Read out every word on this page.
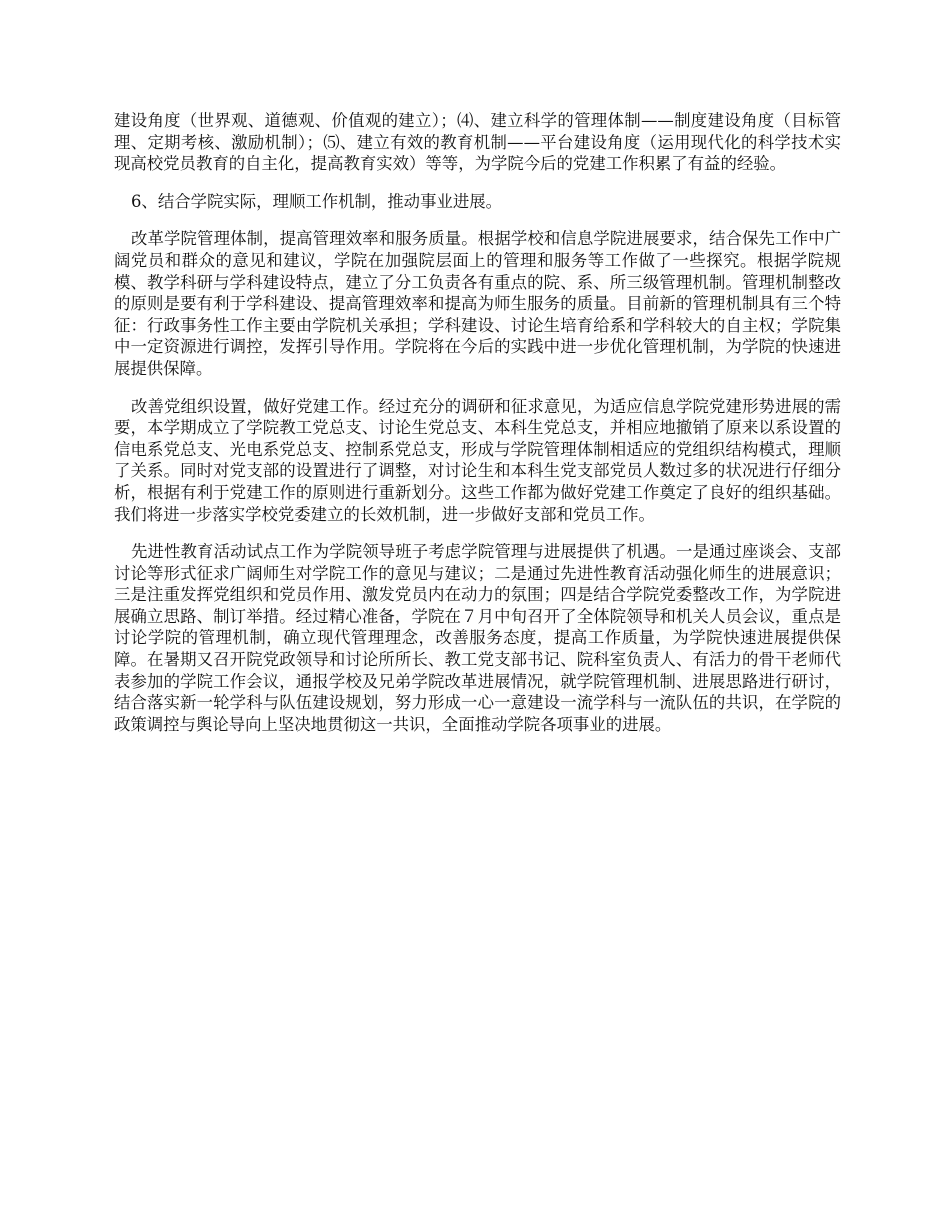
建设角度（世界观、道德观、价值观的建立）；⑷、建立科学的管理体制——制度建设角度（目标管理、定期考核、激励机制）；⑸、建立有效的教育机制——平台建设角度（运用现代化的科学技术实现高校党员教育的自主化，提高教育实效）等等，为学院今后的党建工作积累了有益的经验。

6、结合学院实际，理顺工作机制，推动事业进展。

改革学院管理体制，提高管理效率和服务质量。根据学校和信息学院进展要求，结合保先工作中广阔党员和群众的意见和建议，学院在加强院层面上的管理和服务等工作做了一些探究。根据学院规模、教学科研与学科建设特点，建立了分工负责各有重点的院、系、所三级管理机制。管理机制整改的原则是要有利于学科建设、提高管理效率和提高为师生服务的质量。目前新的管理机制具有三个特征：行政事务性工作主要由学院机关承担；学科建设、讨论生培育给系和学科较大的自主权；学院集中一定资源进行调控，发挥引导作用。学院将在今后的实践中进一步优化管理机制，为学院的快速进展提供保障。

改善党组织设置，做好党建工作。经过充分的调研和征求意见，为适应信息学院党建形势进展的需要，本学期成立了学院教工党总支、讨论生党总支、本科生党总支，并相应地撤销了原来以系设置的信电系党总支、光电系党总支、控制系党总支，形成与学院管理体制相适应的党组织结构模式，理顺了关系。同时对党支部的设置进行了调整，对讨论生和本科生党支部党员人数过多的状况进行仔细分析，根据有利于党建工作的原则进行重新划分。这些工作都为做好党建工作奠定了良好的组织基础。我们将进一步落实学校党委建立的长效机制，进一步做好支部和党员工作。

先进性教育活动试点工作为学院领导班子考虑学院管理与进展提供了机遇。一是通过座谈会、支部讨论等形式征求广阔师生对学院工作的意见与建议；二是通过先进性教育活动强化师生的进展意识；三是注重发挥党组织和党员作用、激发党员内在动力的氛围；四是结合学院党委整改工作，为学院进展确立思路、制订举措。经过精心准备，学院在７月中旬召开了全体院领导和机关人员会议，重点是讨论学院的管理机制，确立现代管理理念，改善服务态度，提高工作质量，为学院快速进展提供保障。在暑期又召开院党政领导和讨论所所长、教工党支部书记、院科室负责人、有活力的骨干老师代表参加的学院工作会议，通报学校及兄弟学院改革进展情况，就学院管理机制、进展思路进行研讨，结合落实新一轮学科与队伍建设规划，努力形成一心一意建设一流学科与一流队伍的共识，在学院的政策调控与舆论导向上坚决地贯彻这一共识，全面推动学院各项事业的进展。
